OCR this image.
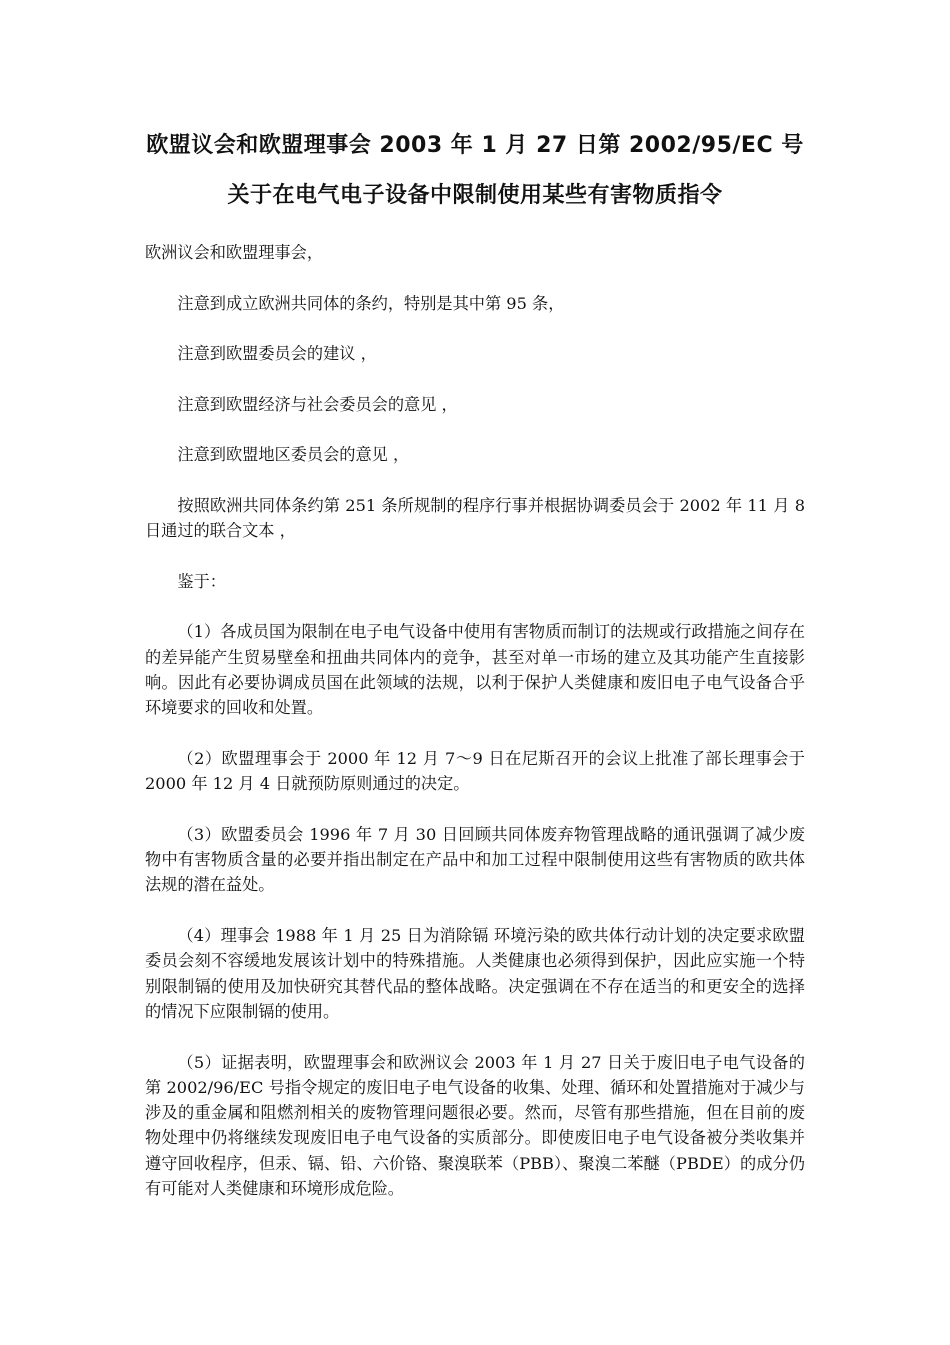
欧盟议会和欧盟理事会 2003 年 1 月 27 日第 2002/95/EC 号
关于在电气电子设备中限制使用某些有害物质指令

欧洲议会和欧盟理事会，

注意到成立欧洲共同体的条约，特别是其中第 95 条，

注意到欧盟委员会的建议 ，

注意到欧盟经济与社会委员会的意见 ，

注意到欧盟地区委员会的意见 ，

按照欧洲共同体条约第 251 条所规制的程序行事并根据协调委员会于 2002 年 11 月 8 日通过的联合文本 ，

鉴于：

（1）各成员国为限制在电子电气设备中使用有害物质而制订的法规或行政措施之间存在的差异能产生贸易壁垒和扭曲共同体内的竞争，甚至对单一市场的建立及其功能产生直接影响。因此有必要协调成员国在此领域的法规，以利于保护人类健康和废旧电子电气设备合乎环境要求的回收和处置。

（2）欧盟理事会于 2000 年 12 月 7～9 日在尼斯召开的会议上批准了部长理事会于 2000 年 12 月 4 日就预防原则通过的决定。

（3）欧盟委员会 1996 年 7 月 30 日回顾共同体废弃物管理战略的通讯强调了减少废物中有害物质含量的必要并指出制定在产品中和加工过程中限制使用这些有害物质的欧共体法规的潜在益处。

（4）理事会 1988 年 1 月 25 日为消除镉 环境污染的欧共体行动计划的决定要求欧盟委员会刻不容缓地发展该计划中的特殊措施。人类健康也必须得到保护，因此应实施一个特别限制镉的使用及加快研究其替代品的整体战略。决定强调在不存在适当的和更安全的选择的情况下应限制镉的使用。

（5）证据表明，欧盟理事会和欧洲议会 2003 年 1 月 27 日关于废旧电子电气设备的第 2002/96/EC 号指令规定的废旧电子电气设备的收集、处理、循环和处置措施对于减少与涉及的重金属和阻燃剂相关的废物管理问题很必要。然而，尽管有那些措施，但在目前的废物处理中仍将继续发现废旧电子电气设备的实质部分。即使废旧电子电气设备被分类收集并遵守回收程序，但汞、镉、铅、六价铬、聚溴联苯（PBB）、聚溴二苯醚（PBDE）的成分仍有可能对人类健康和环境形成危险。
